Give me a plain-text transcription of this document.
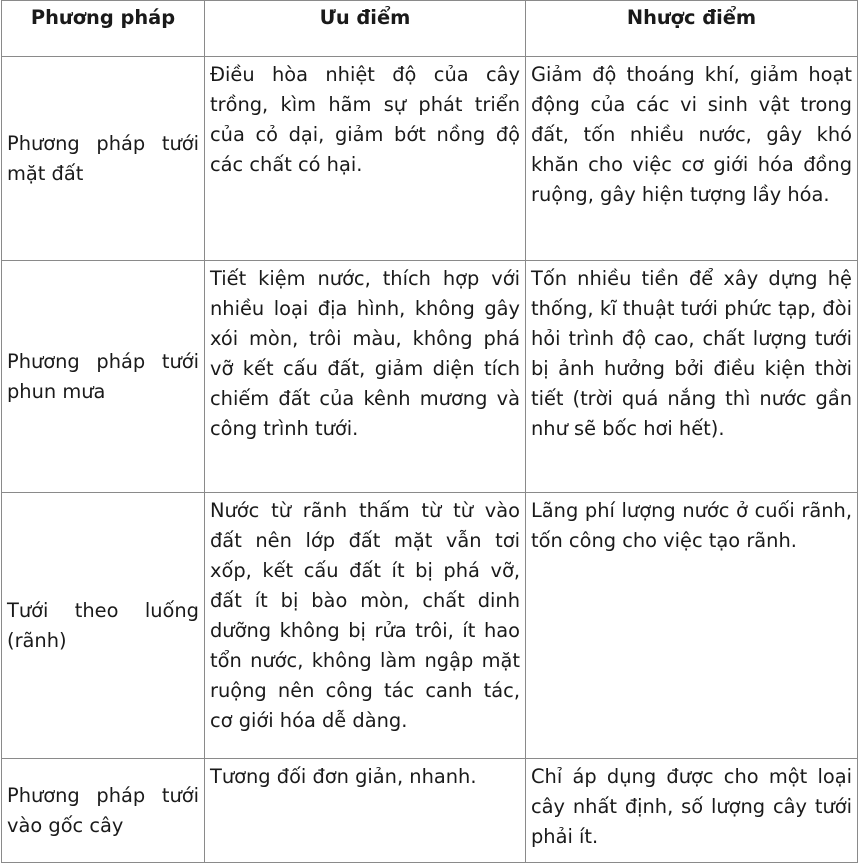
Phương pháp	Ưu điểm	Nhược điểm
Phương pháp tưới mặt đất	Điều hòa nhiệt độ của cây trồng, kìm hãm sự phát triển của cỏ dại, giảm bớt nồng độ các chất có hại.	Giảm độ thoáng khí, giảm hoạt động của các vi sinh vật trong đất, tốn nhiều nước, gây khó khăn cho việc cơ giới hóa đồng ruộng, gây hiện tượng lầy hóa.
Phương pháp tưới phun mưa	Tiết kiệm nước, thích hợp với nhiều loại địa hình, không gây xói mòn, trôi màu, không phá vỡ kết cấu đất, giảm diện tích chiếm đất của kênh mương và công trình tưới.	Tốn nhiều tiền để xây dựng hệ thống, kĩ thuật tưới phức tạp, đòi hỏi trình độ cao, chất lượng tưới bị ảnh hưởng bởi điều kiện thời tiết (trời quá nắng thì nước gần như sẽ bốc hơi hết).
Tưới theo luống (rãnh)	Nước từ rãnh thấm từ từ vào đất nên lớp đất mặt vẫn tơi xốp, kết cấu đất ít bị phá vỡ, đất ít bị bào mòn, chất dinh dưỡng không bị rửa trôi, ít hao tổn nước, không làm ngập mặt ruộng nên công tác canh tác, cơ giới hóa dễ dàng.	Lãng phí lượng nước ở cuối rãnh, tốn công cho việc tạo rãnh.
Phương pháp tưới vào gốc cây	Tương đối đơn giản, nhanh.	Chỉ áp dụng được cho một loại cây nhất định, số lượng cây tưới phải ít.
